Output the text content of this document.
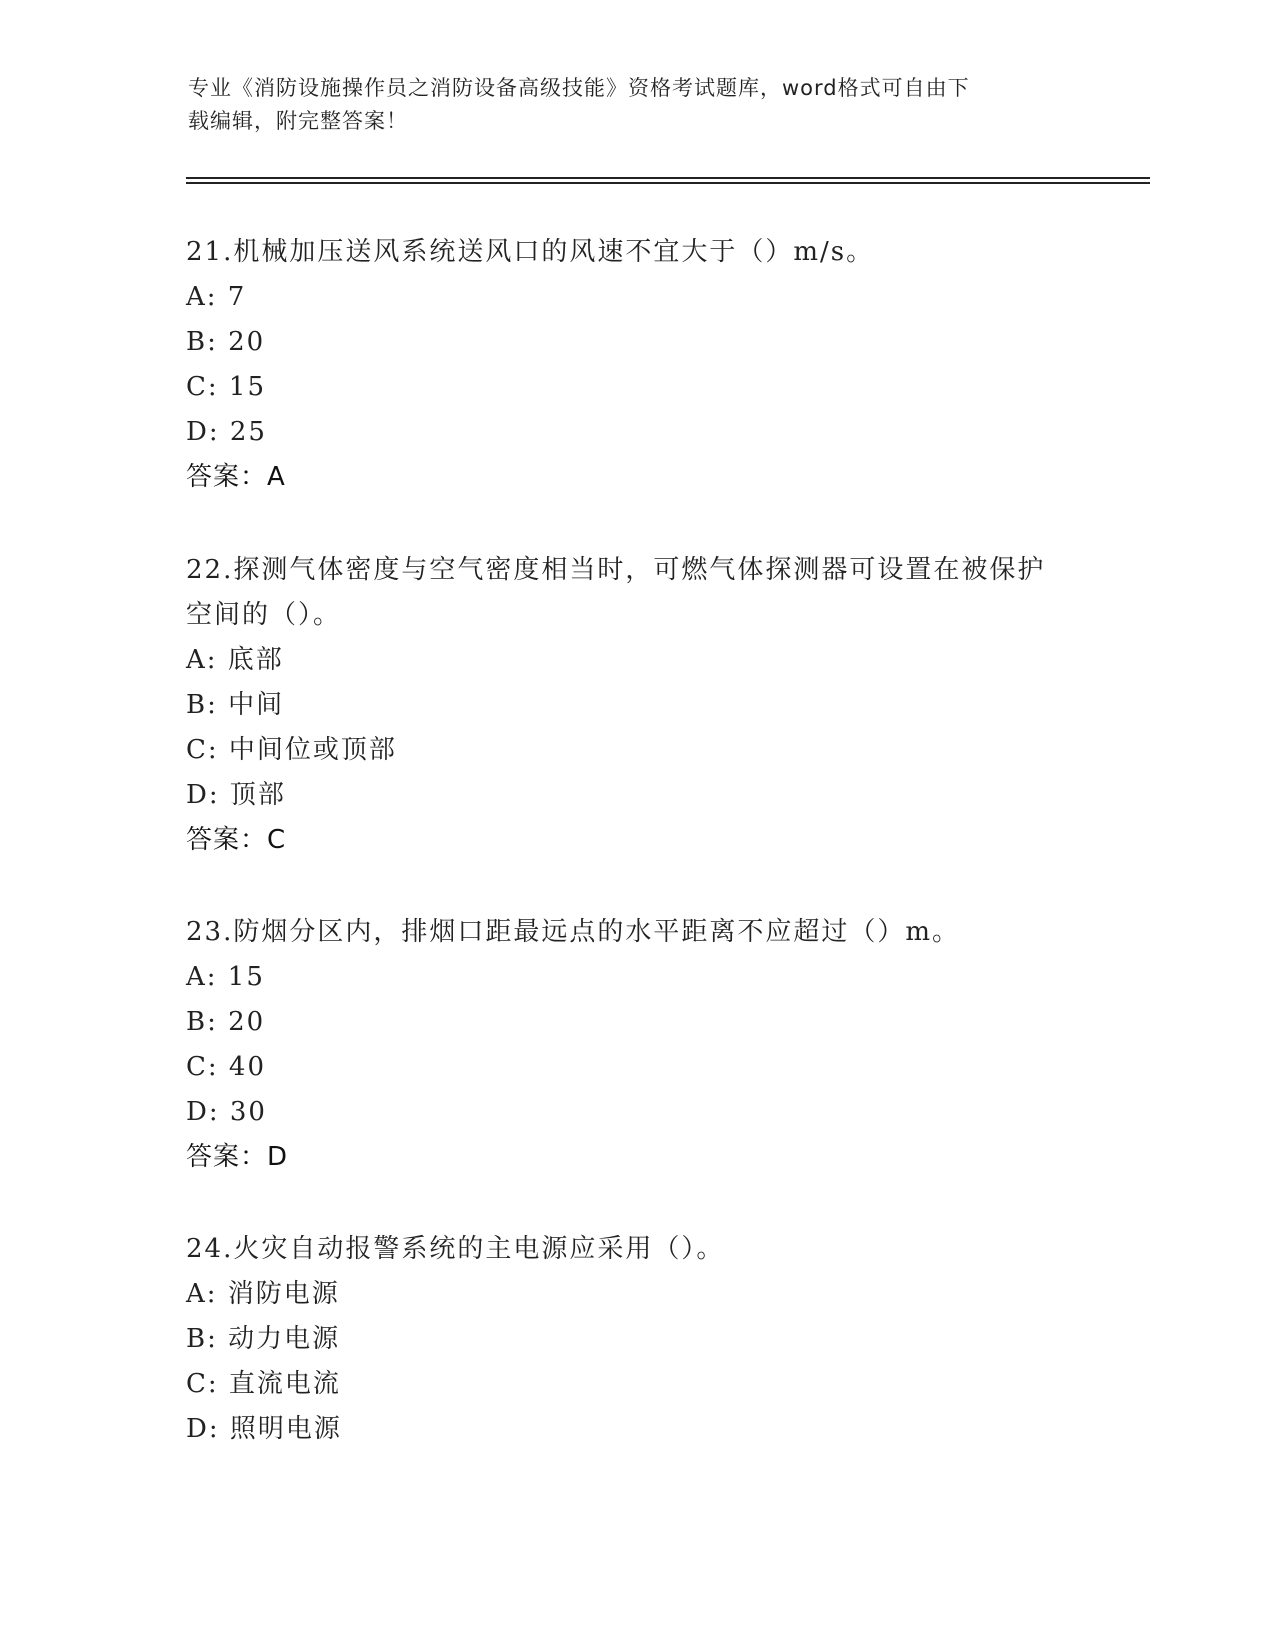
专业《消防设施操作员之消防设备高级技能》资格考试题库，word格式可自由下
载编辑，附完整答案！

21.机械加压送风系统送风口的风速不宜大于（）m/s。

A: 7

B: 20

C: 15

D: 25

答案：A

22.探测气体密度与空气密度相当时，可燃气体探测器可设置在被保护

空间的（）。

A: 底部

B: 中间

C: 中间位或顶部

D: 顶部

答案：C

23.防烟分区内，排烟口距最远点的水平距离不应超过（）m。

A: 15

B: 20

C: 40

D: 30

答案：D

24.火灾自动报警系统的主电源应采用（）。

A: 消防电源

B: 动力电源

C: 直流电流

D: 照明电源
